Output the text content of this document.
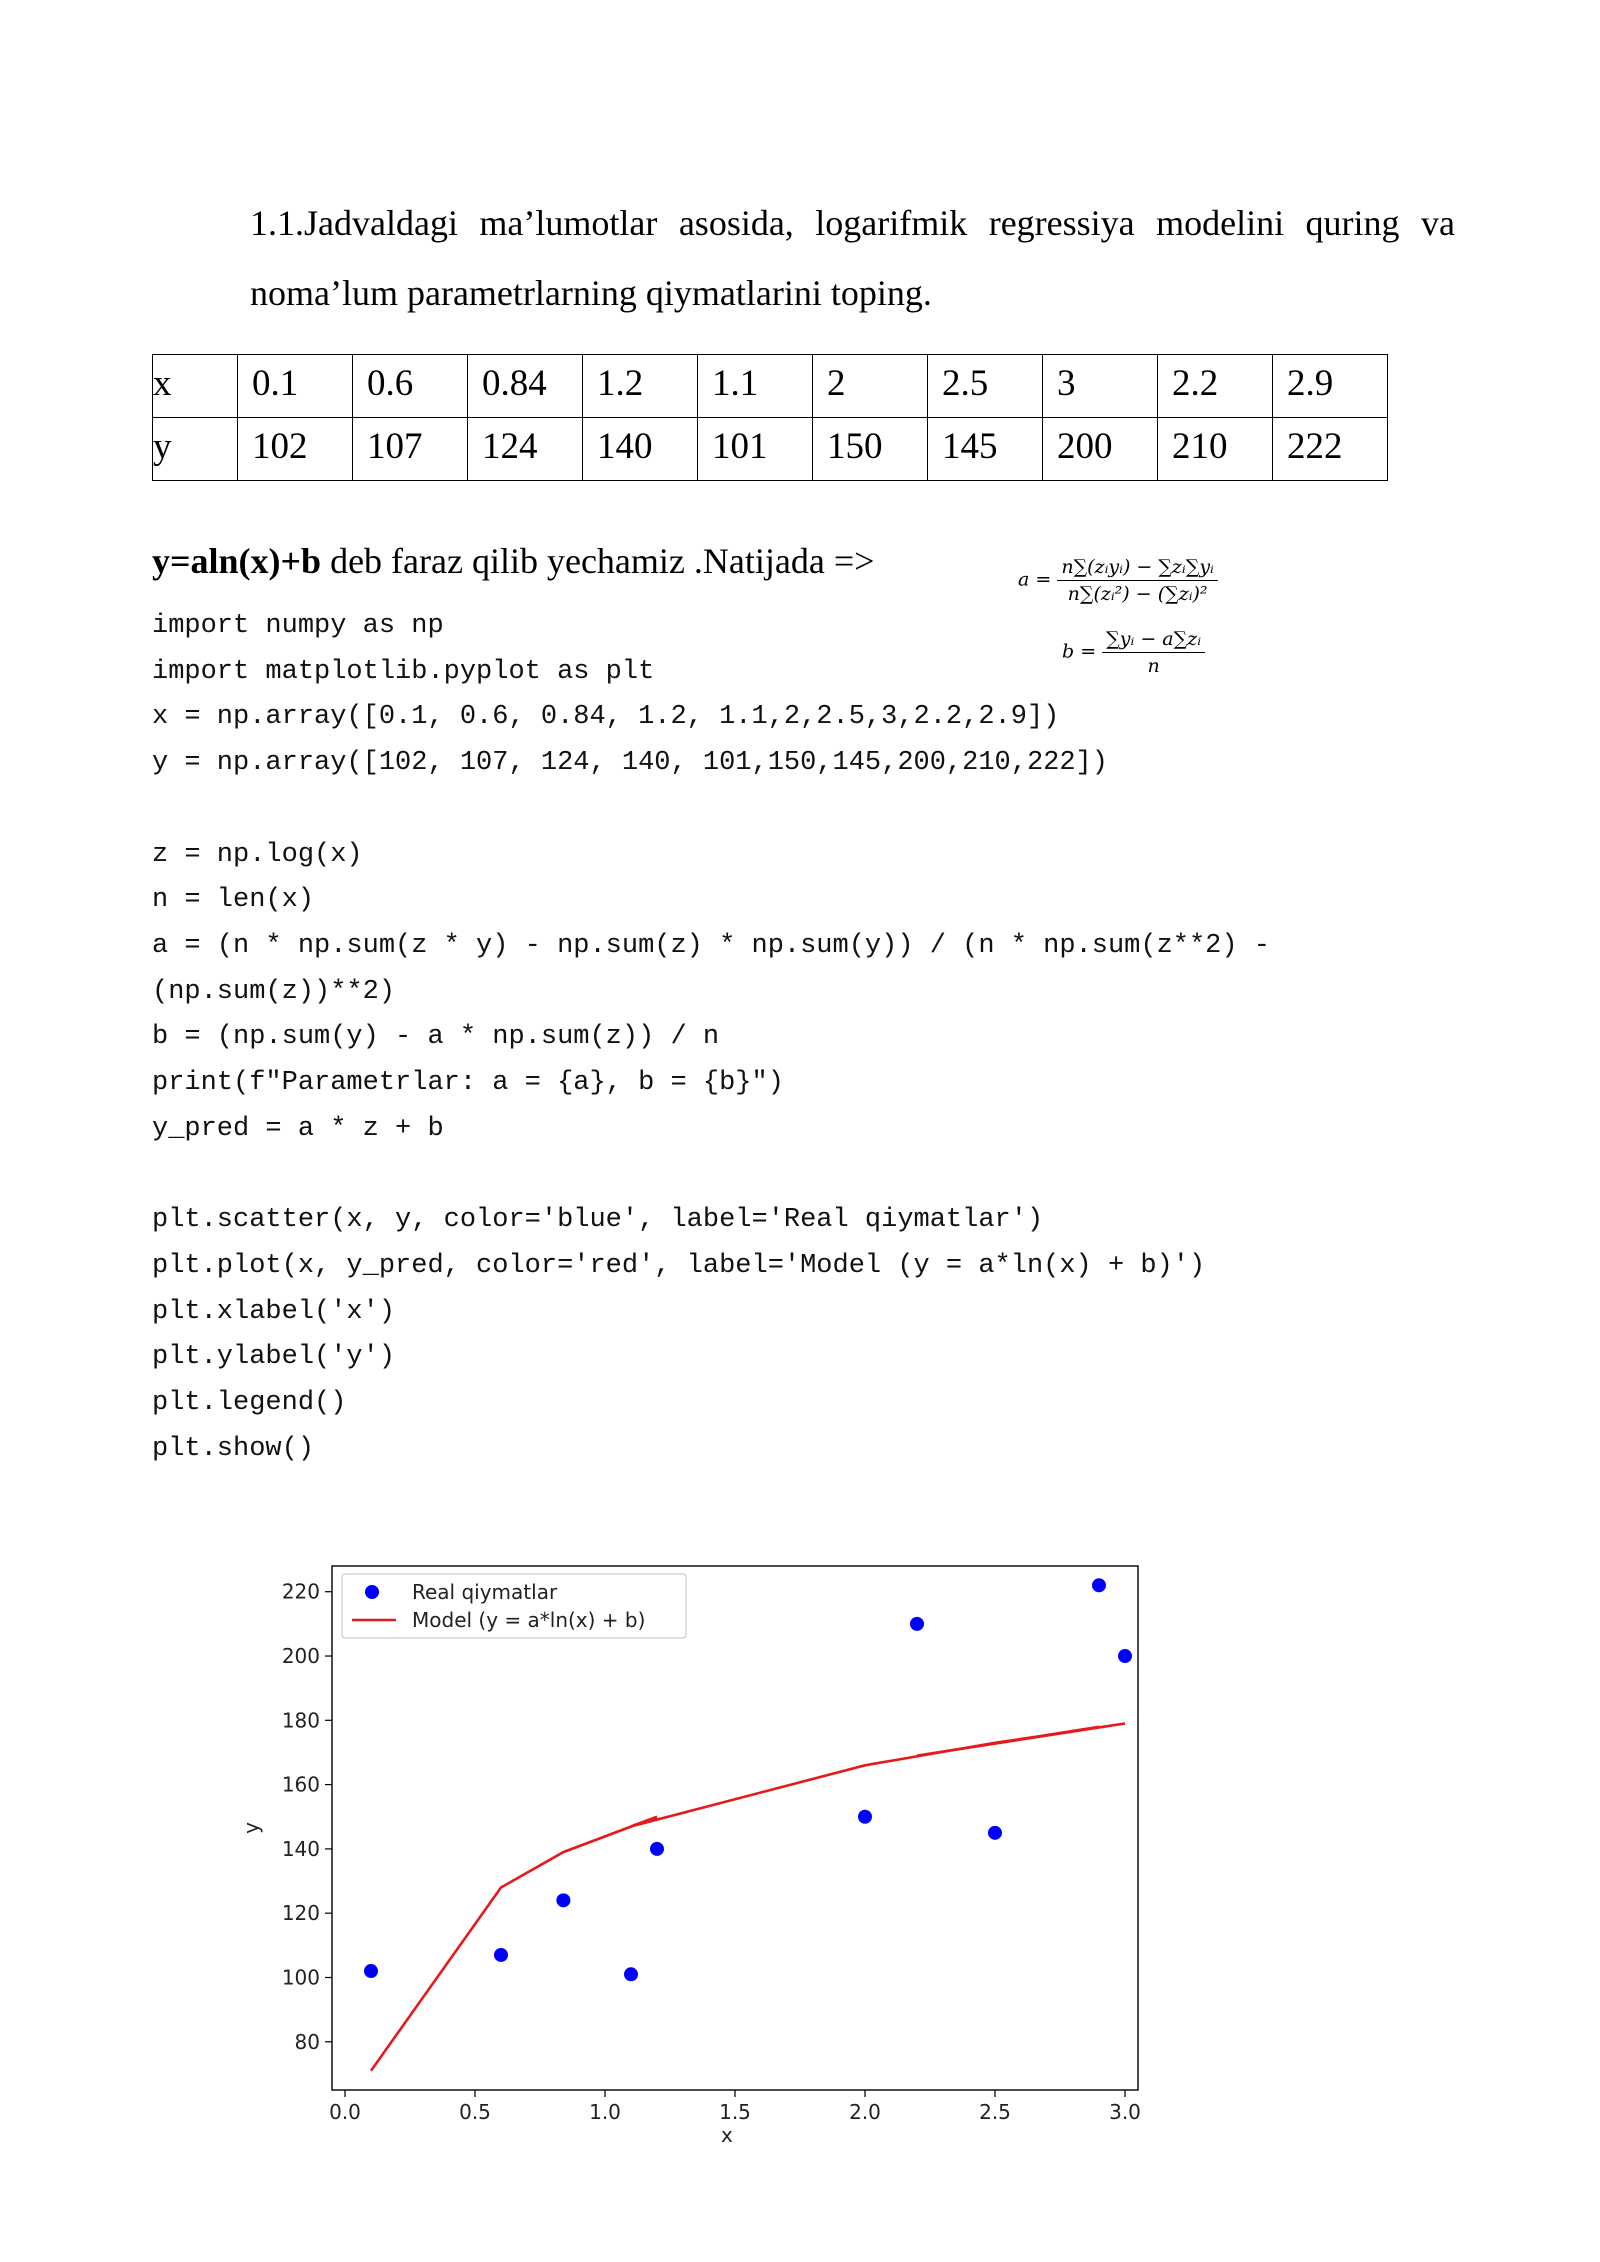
1.1.Jadvaldagi ma’lumotlar asosida, logarifmik regressiya modelini quring va noma’lum parametrlarning qiymatlarini toping.
x	0.1	0.6	0.84	1.2	1.1	2	2.5	3	2.2	2.9
y	102	107	124	140	101	150	145	200	210	222
y=aln(x)+b deb faraz qilib yechamiz .Natijada =>	$a = \frac{\text{n∑(zᵢyᵢ) − ∑zᵢ∑yᵢ}}{\text{n∑(zᵢ²) − (∑zᵢ)²}}$
$b = \frac{\text{∑yᵢ − a∑zᵢ}}{n}$
import numpy as np
import matplotlib.pyplot as plt
x = np.array([0.1, 0.6, 0.84, 1.2, 1.1,2,2.5,3,2.2,2.9])
y = np.array([102, 107, 124, 140, 101,150,145,200,210,222])

z = np.log(x)
n = len(x)
a = (n * np.sum(z * y) - np.sum(z) * np.sum(y)) / (n * np.sum(z**2) -
(np.sum(z))**2)
b = (np.sum(y) - a * np.sum(z)) / n
print(f"Parametrlar: a = {a}, b = {b}")
y_pred = a * z + b

plt.scatter(x, y, color='blue', label='Real qiymatlar')
plt.plot(x, y_pred, color='red', label='Model (y = a*ln(x) + b)')
plt.xlabel('x')
plt.ylabel('y')
plt.legend()
plt.show()
0.0	0.5	1.0	1.5	2.0	2.5	3.0
80
100
120
140
160
180
200
220
x
y
Real qiymatlar
Model (y = a*ln(x) + b)
